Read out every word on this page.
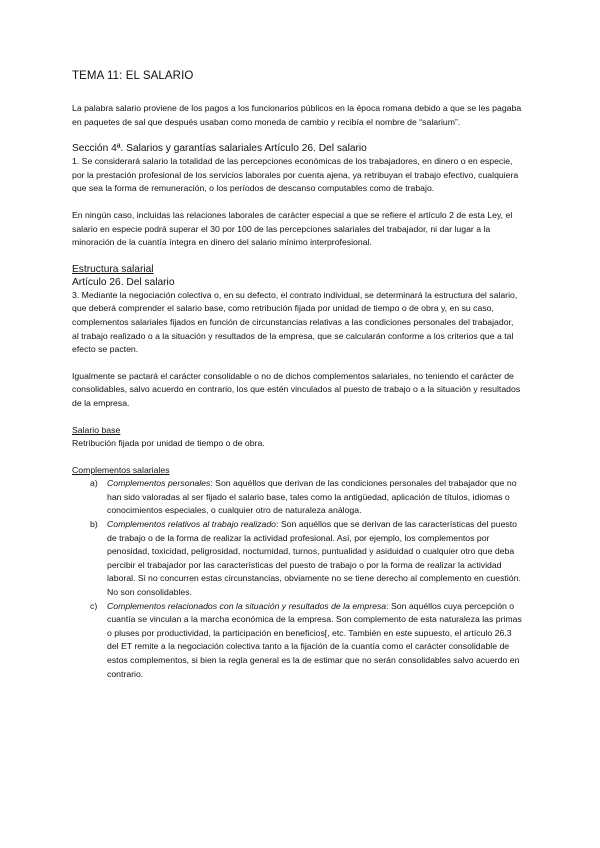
TEMA 11: EL SALARIO

La palabra salario proviene de los pagos a los funcionarios públicos en la época romana debido a que se les pagaba en paquetes de sal que después usaban como moneda de cambio y recibía el nombre de “salarium”.

Sección 4ª. Salarios y garantías salariales Artículo 26. Del salario

1. Se considerará salario la totalidad de las percepciones económicas de los trabajadores, en dinero o en especie, por la prestación profesional de los servicios laborales por cuenta ajena, ya retribuyan el trabajo efectivo, cualquiera que sea la forma de remuneración, o los períodos de descanso computables como de trabajo.

En ningún caso, incluidas las relaciones laborales de carácter especial a que se refiere el artículo 2 de esta Ley, el salario en especie podrá superar el 30 por 100 de las percepciones salariales del trabajador, ni dar lugar a la minoración de la cuantía íntegra en dinero del salario mínimo interprofesional.

Estructura salarial
Artículo 26. Del salario

3. Mediante la negociación colectiva o, en su defecto, el contrato individual, se determinará la estructura del salario, que deberá comprender el salario base, como retribución fijada por unidad de tiempo o de obra y, en su caso, complementos salariales fijados en función de circunstancias relativas a las condiciones personales del trabajador, al trabajo realizado o a la situación y resultados de la empresa, que se calcularán conforme a los criterios que a tal efecto se pacten.

Igualmente se pactará el carácter consolidable o no de dichos complementos salariales, no teniendo el carácter de consolidables, salvo acuerdo en contrario, los que estén vinculados al puesto de trabajo o a la situación y resultados de la empresa.

Salario base

Retribución fijada por unidad de tiempo o de obra.

Complementos salariales

a) Complementos personales: Son aquéllos que derivan de las condiciones personales del trabajador que no han sido valoradas al ser fijado el salario base, tales como la antigüedad, aplicación de títulos, idiomas o conocimientos especiales, o cualquier otro de naturaleza análoga.
b) Complementos relativos al trabajo realizado: Son aquéllos que se derivan de las características del puesto de trabajo o de la forma de realizar la actividad profesional. Así, por ejemplo, los complementos por penosidad, toxicidad, peligrosidad, nocturnidad, turnos, puntualidad y asiduidad o cualquier otro que deba percibir el trabajador por las características del puesto de trabajo o por la forma de realizar la actividad laboral. Si no concurren estas circunstancias, obviamente no se tiene derecho al complemento en cuestión. No son consolidables.
c) Complementos relacionados con la situación y resultados de la empresa: Son aquéllos cuya percepción o cuantía se vinculan a la marcha económica de la empresa. Son complemento de esta naturaleza las primas o pluses por productividad, la participación en beneficios[, etc. También en este supuesto, el artículo 26.3 del ET remite a la negociación colectiva tanto a la fijación de la cuantía como el carácter consolidable de estos complementos, si bien la regla general es la de estimar que no serán consolidables salvo acuerdo en contrario.
